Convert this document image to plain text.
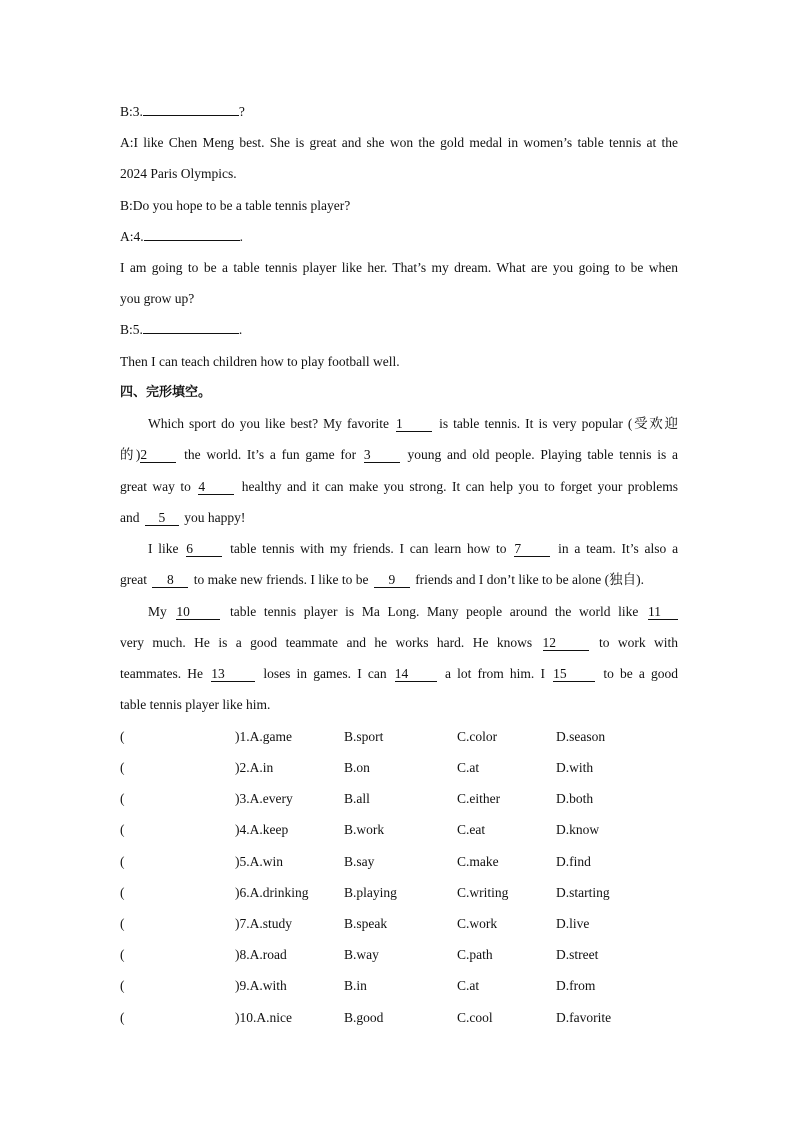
B:3.	?
A:I like Chen Meng best. She is great and she won the gold medal in women’s table tennis at the
2024 Paris Olympics.
B:Do you hope to be a table tennis player?
A:4.	.
I am going to be a table tennis player like her. That’s my dream. What are you going to be when
you grow up?
B:5.	.
Then I can teach children how to play football well.
四、完形填空。
Which sport do you like best? My favorite 1	is table tennis. It is very popular (受欢迎
的)2	the world. It’s a fun game for 3	young and old people. Playing table tennis is a
great way to 4	healthy and it can make you strong. It can help you to forget your problems
and 5 you happy!
I like 6	table tennis with my friends. I can learn how to 7	in a team. It’s also a
great 8 to make new friends. I like to be 9 friends and I don’t like to be alone (独自).
My 10	table tennis player is Ma Long. Many people around the world like 11
very much. He is a good teammate and he works hard. He knows 12	to work with
teammates. He 13	loses in games. I can 14	a lot from him. I 15	to be a good
table tennis player like him.
(	)1.A.game	B.sport	C.color	D.season
(	)2.A.in	B.on	C.at	D.with
(	)3.A.every	B.all	C.either	D.both
(	)4.A.keep	B.work	C.eat	D.know
(	)5.A.win	B.say	C.make	D.find
(	)6.A.drinking	B.playing	C.writing	D.starting
(	)7.A.study	B.speak	C.work	D.live
(	)8.A.road	B.way	C.path	D.street
(	)9.A.with	B.in	C.at	D.from
(	)10.A.nice	B.good	C.cool	D.favorite
